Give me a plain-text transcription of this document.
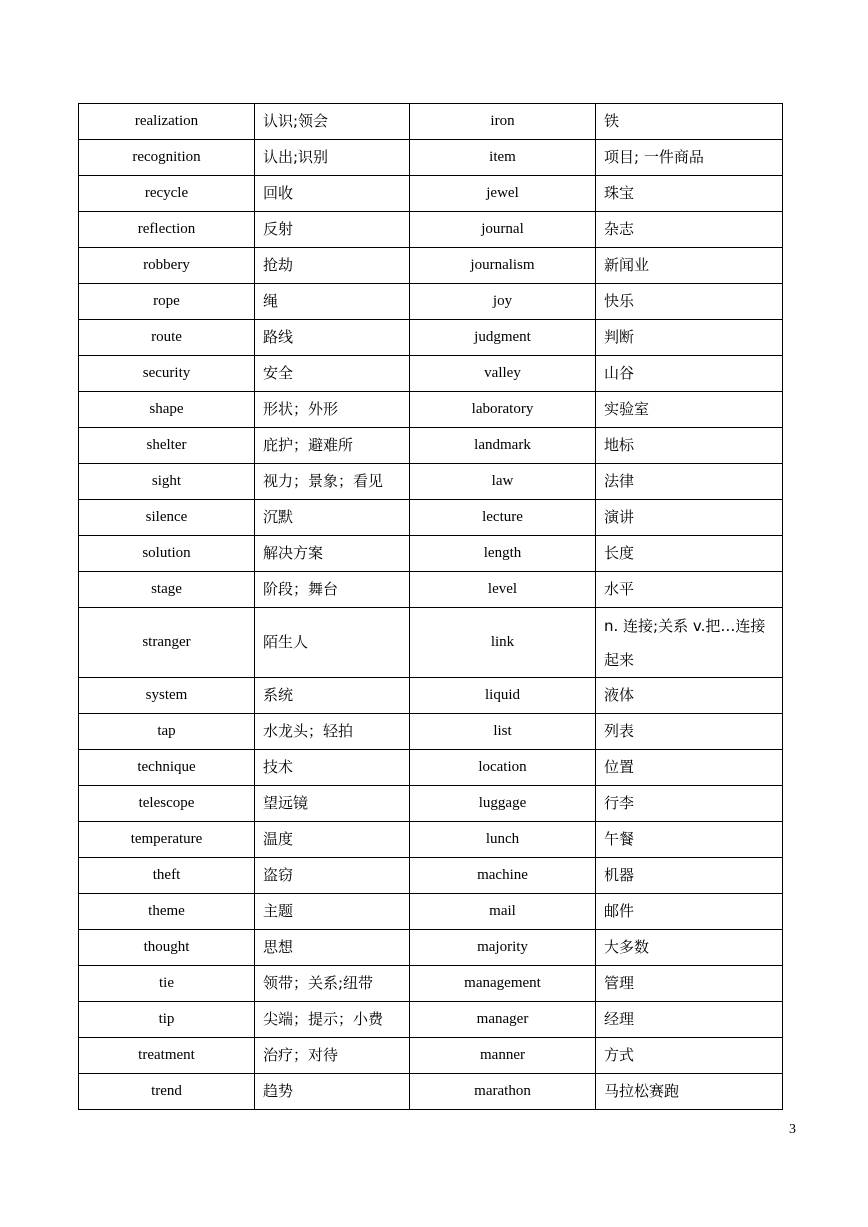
realization	认识;领会	iron	铁
recognition	认出;识别	item	项目; 一件商品
recycle	回收	jewel	珠宝
reflection	反射	journal	杂志
robbery	抢劫	journalism	新闻业
rope	绳	joy	快乐
route	路线	judgment	判断
security	安全	valley	山谷
shape	形状；外形	laboratory	实验室
shelter	庇护；避难所	landmark	地标
sight	视力；景象；看见	law	法律
silence	沉默	lecture	演讲
solution	解决方案	length	长度
stage	阶段；舞台	level	水平
stranger	陌生人	link	n. 连接;关系 v.把…连接起来
system	系统	liquid	液体
tap	水龙头；轻拍	list	列表
technique	技术	location	位置
telescope	望远镜	luggage	行李
temperature	温度	lunch	午餐
theft	盗窃	machine	机器
theme	主题	mail	邮件
thought	思想	majority	大多数
tie	领带；关系;纽带	management	管理
tip	尖端；提示；小费	manager	经理
treatment	治疗；对待	manner	方式
trend	趋势	marathon	马拉松赛跑
3
